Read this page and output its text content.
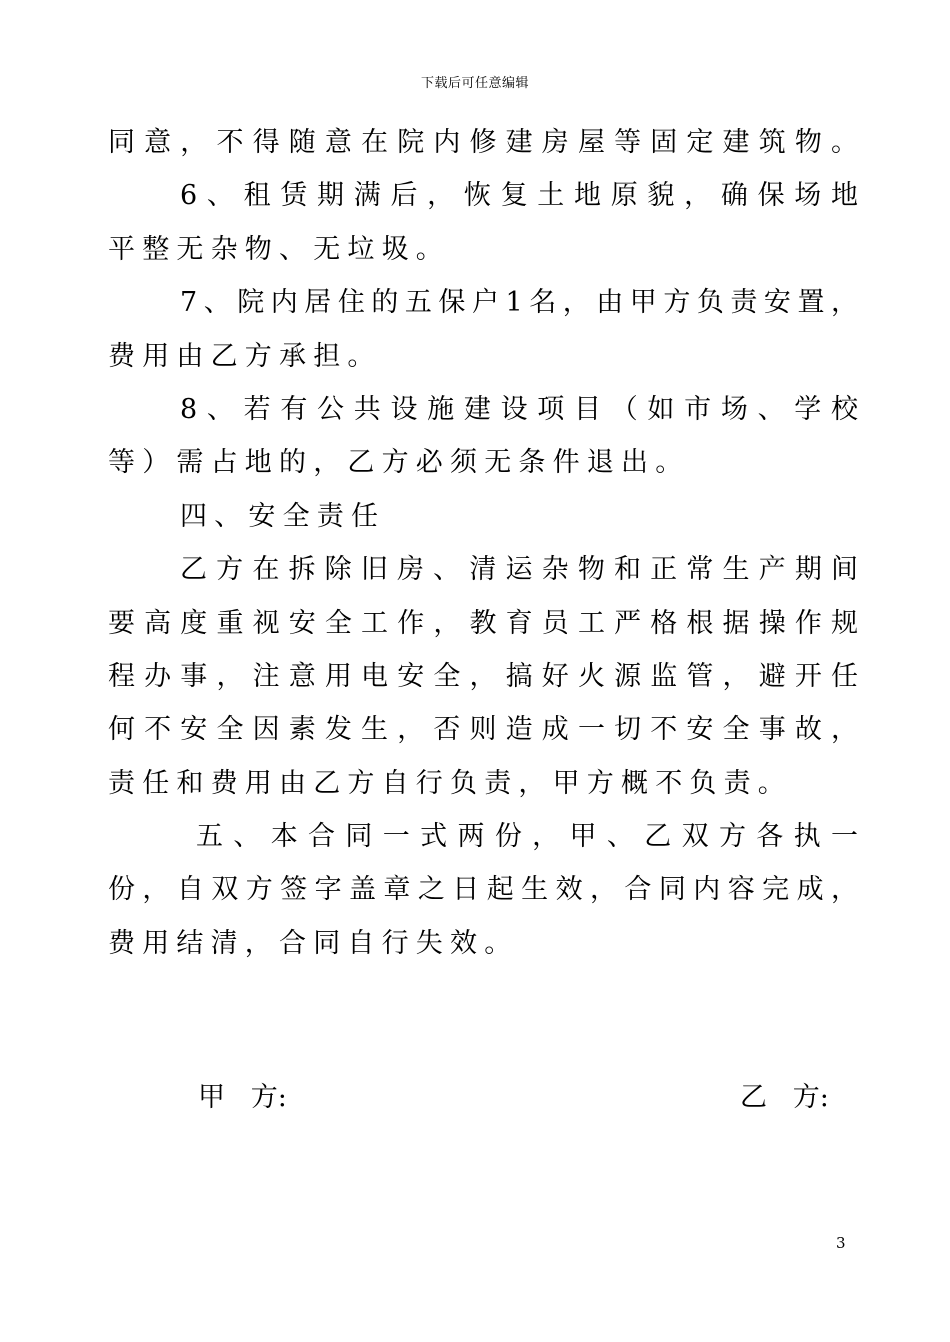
下载后可任意编辑
同意，不得随意在院内修建房屋等固定建筑物。
6、租赁期满后，恢复土地原貌，确保场地
平整无杂物、无垃圾。
7、院内居住的五保户1名，由甲方负责安置，
费用由乙方承担。
8、若有公共设施建设项目（如市场、学校
等）需占地的，乙方必须无条件退出。
四、安全责任
乙方在拆除旧房、清运杂物和正常生产期间
要高度重视安全工作，教育员工严格根据操作规
程办事，注意用电安全，搞好火源监管，避开任
何不安全因素发生，否则造成一切不安全事故，
责任和费用由乙方自行负责，甲方概不负责。
五、本合同一式两份，甲、乙双方各执一
份，自双方签字盖章之日起生效，合同内容完成，
费用结清，合同自行失效。
甲   方:	乙   方:
3
